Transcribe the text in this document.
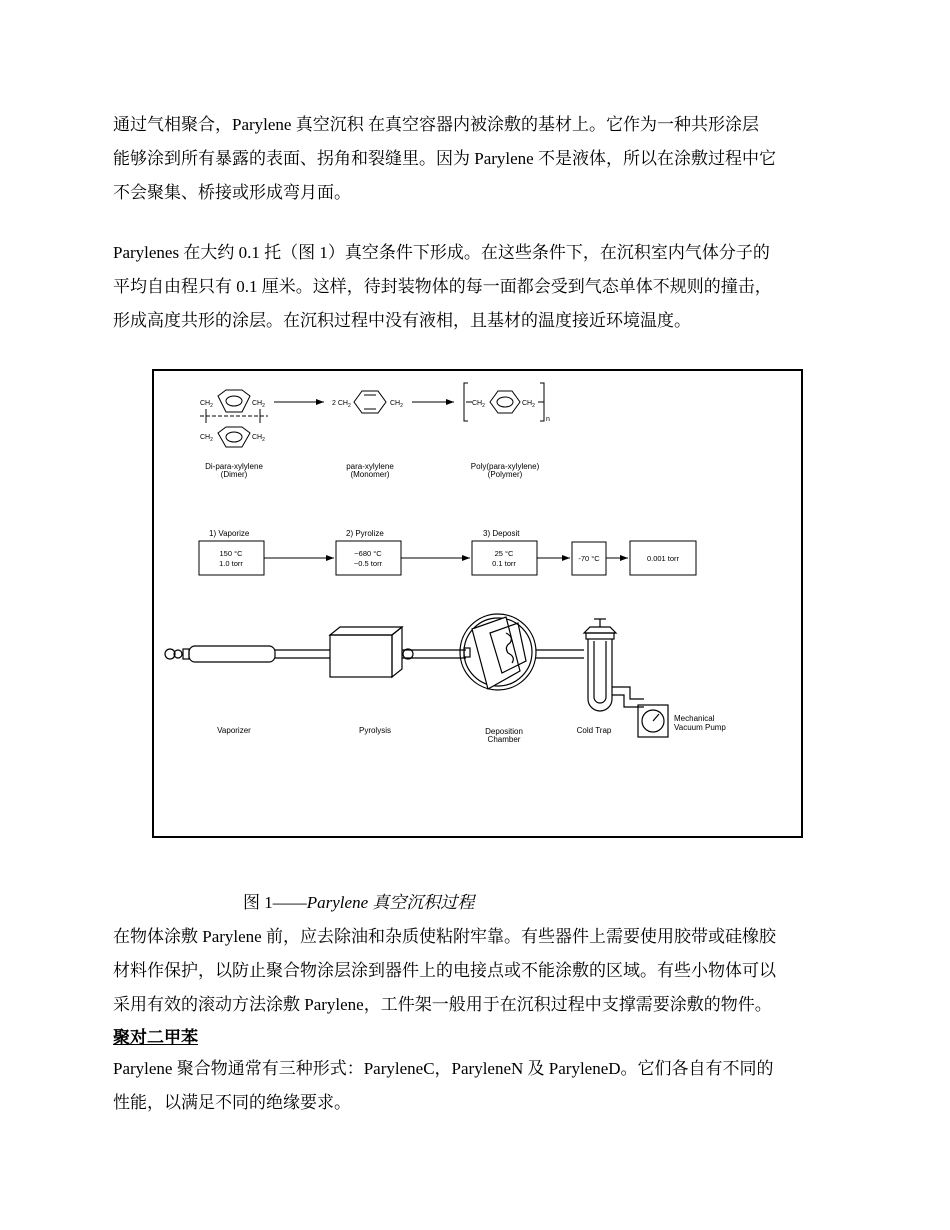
通过气相聚合，Parylene 真空沉积 在真空容器内被涂敷的基材上。它作为一种共形涂层
能够涂到所有暴露的表面、拐角和裂缝里。因为 Parylene 不是液体，所以在涂敷过程中它
不会聚集、桥接或形成弯月面。
Parylenes 在大约 0.1 托（图 1）真空条件下形成。在这些条件下，在沉积室内气体分子的
平均自由程只有 0.1 厘米。这样，待封装物体的每一面都会受到气态单体不规则的撞击，
形成高度共形的涂层。在沉积过程中没有液相，且基材的温度接近环境温度。
$CH_2$	$CH_2$
$CH_2$	$CH_2$
Di-para-xylylene
(Dimer)
2 $CH_2$	$CH_2$
para-xylylene
(Monomer)
$CH_2$	$CH_2$
n
Poly(para-xylylene)
(Polymer)
1) Vaporize
150 °C
1.0 torr
2) Pyrolize
~680 °C
~0.5 torr
3) Deposit
25 °C
0.1 torr
-70 °C	0.001 torr
Vaporizer	Pyrolysis	Deposition
Chamber
Cold Trap
Mechanical
Vacuum Pump
图 1——Parylene 真空沉积过程
在物体涂敷 Parylene 前，应去除油和杂质使粘附牢靠。有些器件上需要使用胶带或硅橡胶
材料作保护，以防止聚合物涂层涂到器件上的电接点或不能涂敷的区域。有些小物体可以
采用有效的滚动方法涂敷 Parylene，工件架一般用于在沉积过程中支撑需要涂敷的物件。
聚对二甲苯
Parylene 聚合物通常有三种形式：ParyleneC，ParyleneN 及 ParyleneD。它们各自有不同的
性能，以满足不同的绝缘要求。
